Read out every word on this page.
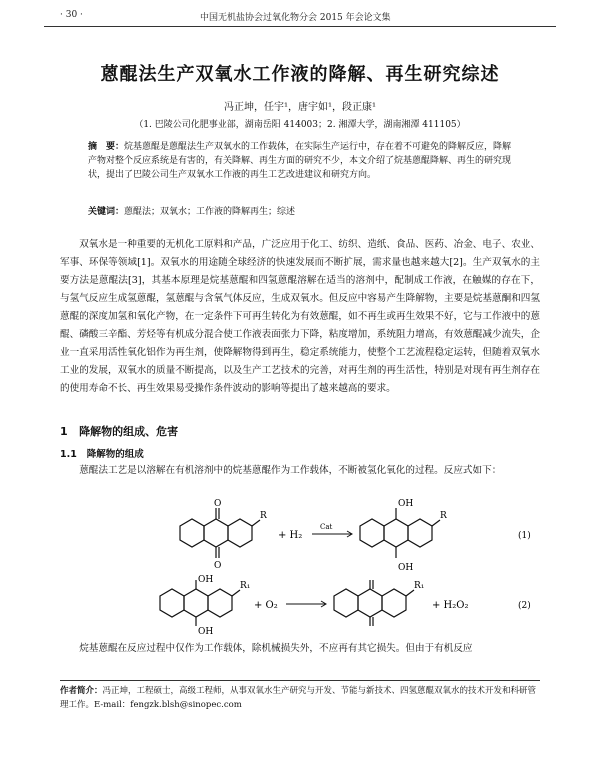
· 30 ·	中国无机盐协会过氧化物分会 2015 年会论文集
蒽醌法生产双氧水工作液的降解、再生研究综述
冯正坤，任宇¹，唐宇如¹，段正康¹
（1. 巴陵公司化肥事业部，湖南岳阳 414003；2. 湘潭大学，湖南湘潭 411105）
摘　要：烷基蒽醌是蒽醌法生产双氧水的工作载体，在实际生产运行中，存在着不可避免的降解反应，降解产物对整个反应系统是有害的，有关降解、再生方面的研究不少，本文介绍了烷基蒽醌降解、再生的研究现状，提出了巴陵公司生产双氧水工作液的再生工艺改进建议和研究方向。
关键词：蒽醌法；双氧水；工作液的降解再生；综述
双氧水是一种重要的无机化工原料和产品，广泛应用于化工、纺织、造纸、食品、医药、冶金、电子、农业、军事、环保等领域[1]。双氧水的用途随全球经济的快速发展而不断扩展，需求量也越来越大[2]。生产双氧水的主要方法是蒽醌法[3]，其基本原理是烷基蒽醌和四氢蒽醌溶解在适当的溶剂中，配制成工作液，在触媒的存在下，与氢气反应生成氢蒽醌，氢蒽醌与含氧气体反应，生成双氧水。但反应中容易产生降解物，主要是烷基蒽酮和四氢蒽醌的深度加氢和氧化产物，在一定条件下可再生转化为有效蒽醌，如不再生或再生效果不好，它与工作液中的蒽醌、磷酸三辛酯、芳烃等有机成分混合使工作液表面张力下降，粘度增加，系统阻力增高，有效蒽醌减少流失，企业一直采用活性氧化铝作为再生剂，使降解物得到再生，稳定系统能力，使整个工艺流程稳定运转，但随着双氧水工业的发展，双氧水的质量不断提高，以及生产工艺技术的完善，对再生剂的再生活性，特别是对现有再生剂存在的使用寿命不长、再生效果易受操作条件波动的影响等提出了越来越高的要求。
1 降解物的组成、危害
1.1 降解物的组成
蒽醌法工艺是以溶解在有机溶剂中的烷基蒽醌作为工作载体，不断被氢化氧化的过程。反应式如下：
O
O
R
+ H₂
Cat
OH
OH
R
(1)
OH
R₁
OH
+ O₂
R₁
+ H₂O₂	(2)
烷基蒽醌在反应过程中仅作为工作载体，除机械损失外，不应再有其它损失。但由于有机反应
作者简介：冯正坤，工程硕士，高级工程师，从事双氧水生产研究与开发、节能与新技术、四氢蒽醌双氧水的技术开发和科研管理工作。E-mail：fengzk.blsh@sinopec.com
